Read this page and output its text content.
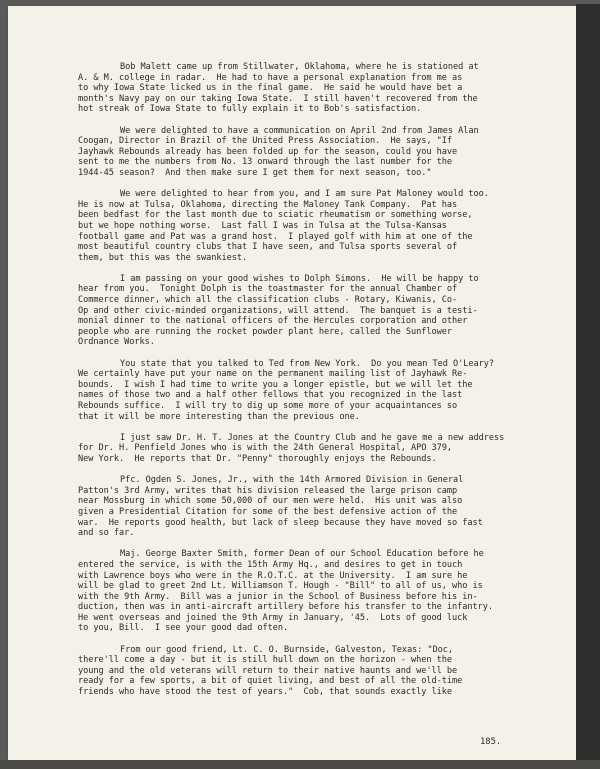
Bob Malett came up from Stillwater, Oklahoma, where he is stationed at
A. & M. college in radar.  He had to have a personal explanation from me as
to why Iowa State licked us in the final game.  He said he would have bet a
month's Navy pay on our taking Iowa State.  I still haven't recovered from the
hot streak of Iowa State to fully explain it to Bob's satisfaction.
We were delighted to have a communication on April 2nd from James Alan
Coogan, Director in Brazil of the United Press Association.  He says, "If
Jayhawk Rebounds already has been folded up for the season, could you have
sent to me the numbers from No. 13 onward through the last number for the
1944-45 season?  And then make sure I get them for next season, too."
We were delighted to hear from you, and I am sure Pat Maloney would too.
He is now at Tulsa, Oklahoma, directing the Maloney Tank Company.  Pat has
been bedfast for the last month due to sciatic rheumatism or something worse,
but we hope nothing worse.  Last fall I was in Tulsa at the Tulsa-Kansas
football game and Pat was a grand host.  I played golf with him at one of the
most beautiful country clubs that I have seen, and Tulsa sports several of
them, but this was the swankiest.
I am passing on your good wishes to Dolph Simons.  He will be happy to
hear from you.  Tonight Dolph is the toastmaster for the annual Chamber of
Commerce dinner, which all the classification clubs - Rotary, Kiwanis, Co-
Op and other civic-minded organizations, will attend.  The banquet is a testi-
monial dinner to the national officers of the Hercules corporation and other
people who are running the rocket powder plant here, called the Sunflower
Ordnance Works.
You state that you talked to Ted from New York.  Do you mean Ted O'Leary?
We certainly have put your name on the permanent mailing list of Jayhawk Re-
bounds.  I wish I had time to write you a longer epistle, but we will let the
names of those two and a half other fellows that you recognized in the last
Rebounds suffice.  I will try to dig up some more of your acquaintances so
that it will be more interesting than the previous one.
I just saw Dr. H. T. Jones at the Country Club and he gave me a new address
for Dr. H. Penfield Jones who is with the 24th General Hospital, APO 379,
New York.  He reports that Dr. "Penny" thoroughly enjoys the Rebounds.
Pfc. Ogden S. Jones, Jr., with the 14th Armored Division in General
Patton's 3rd Army, writes that his division released the large prison camp
near Mossburg in which some 50,000 of our men were held.  His unit was also
given a Presidential Citation for some of the best defensive action of the
war.  He reports good health, but lack of sleep because they have moved so fast
and so far.
Maj. George Baxter Smith, former Dean of our School Education before he
entered the service, is with the 15th Army Hq., and desires to get in touch
with Lawrence boys who were in the R.O.T.C. at the University.  I am sure he
will be glad to greet 2nd Lt. Williamson T. Hough - "Bill" to all of us, who is
with the 9th Army.  Bill was a junior in the School of Business before his in-
duction, then was in anti-aircraft artillery before his transfer to the infantry.
He went overseas and joined the 9th Army in January, '45.  Lots of good luck
to you, Bill.  I see your good dad often.
From our good friend, Lt. C. O. Burnside, Galveston, Texas: "Doc,
there'll come a day - but it is still hull down on the horizon - when the
young and the old veterans will return to their native haunts and we'll be
ready for a few sports, a bit of quiet living, and best of all the old-time
friends who have stood the test of years."  Cob, that sounds exactly like
185.
